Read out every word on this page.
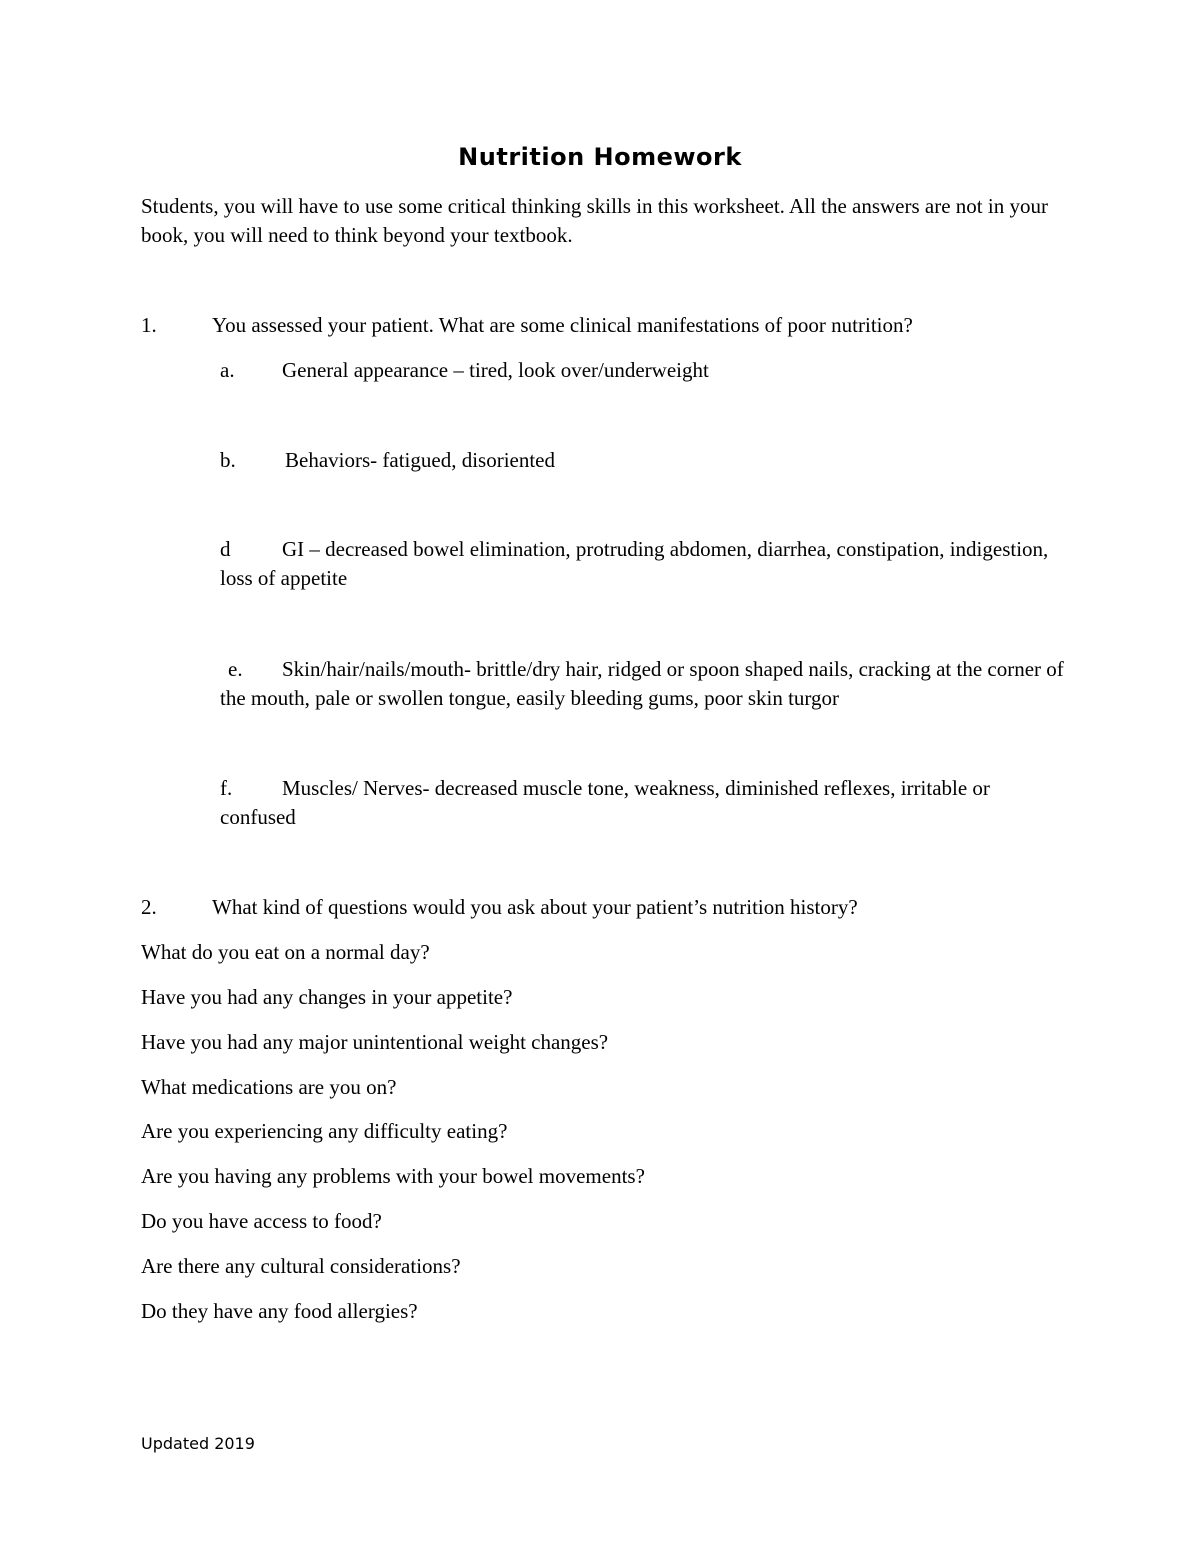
Nutrition Homework

Students, you will have to use some critical thinking skills in this worksheet. All the answers are not in your book, you will need to think beyond your textbook.

1.	You assessed your patient. What are some clinical manifestations of poor nutrition?

a. General appearance – tired, look over/underweight

b. Behaviors- fatigued, disoriented

d GI – decreased bowel elimination, protruding abdomen, diarrhea, constipation, indigestion, loss of appetite

e. Skin/hair/nails/mouth- brittle/dry hair, ridged or spoon shaped nails, cracking at the corner of the mouth, pale or swollen tongue, easily bleeding gums, poor skin turgor

f. Muscles/ Nerves- decreased muscle tone, weakness, diminished reflexes, irritable or confused

2.	What kind of questions would you ask about your patient’s nutrition history?

What do you eat on a normal day?

Have you had any changes in your appetite?

Have you had any major unintentional weight changes?

What medications are you on?

Are you experiencing any difficulty eating?

Are you having any problems with your bowel movements?

Do you have access to food?

Are there any cultural considerations?

Do they have any food allergies?

Updated 2019
